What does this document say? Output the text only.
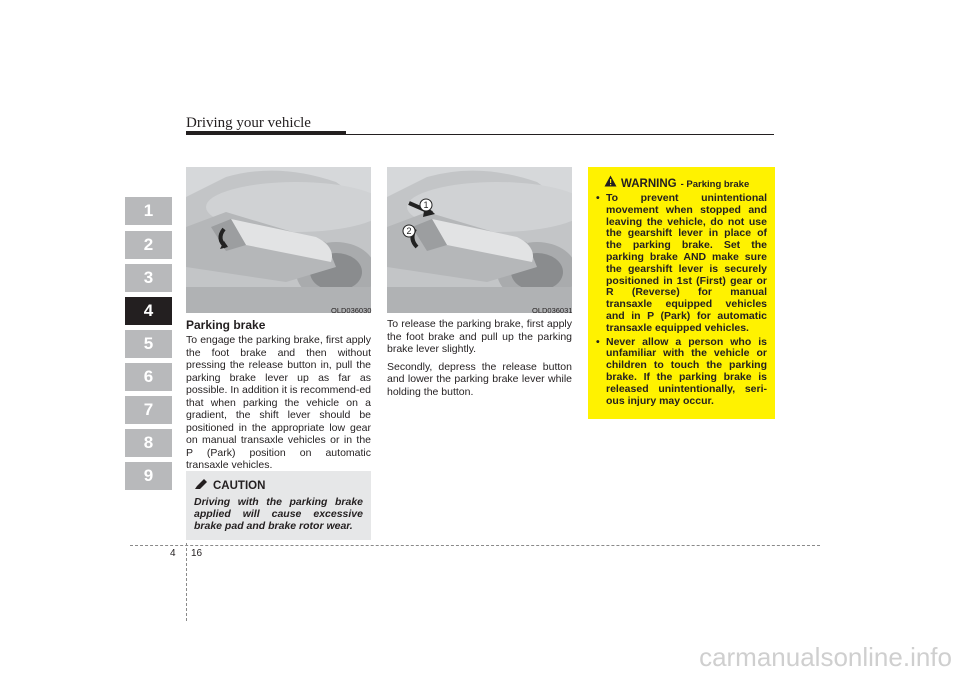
Driving your vehicle
1
2
3
4
5
6
7
8
9
OLD036030
1
2
OLD036031
Parking brake

To engage the parking brake, first apply the foot brake and then without pressing the release button in, pull the parking brake lever up as far as possible. In addition it is recommend-ed that when parking the vehicle on a gradient, the shift lever should be positioned in the appropriate low gear on manual transaxle vehicles or in the P (Park) position on automatic transaxle vehicles.

To release the parking brake, first apply the foot brake and pull up the parking brake lever slightly.

Secondly, depress the release button and lower the parking brake lever while holding the button.

CAUTION

Driving with the parking brake applied will cause excessive brake pad and brake rotor wear.

WARNING - Parking brake
• To prevent unintentional movement when stopped and leaving the vehicle, do not use the gearshift lever in place of the parking brake. Set the parking brake AND make sure the gearshift lever is securely positioned in 1st (First) gear or R (Reverse) for manual transaxle equipped vehicles and in P (Park) for automatic transaxle equipped vehicles.
• Never allow a person who is unfamiliar with the vehicle or children to touch the parking brake. If the parking brake is released unintentionally, seri-ous injury may occur.
4 16
carmanualsonline.info
